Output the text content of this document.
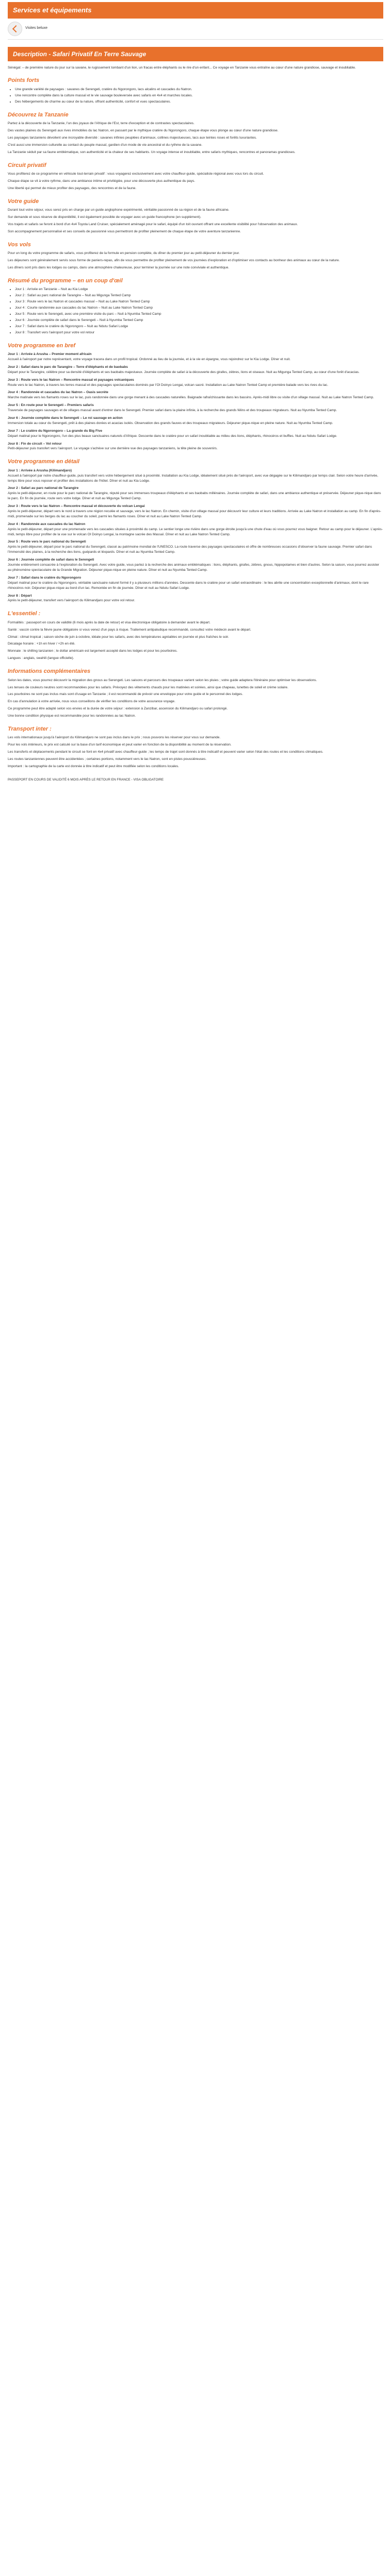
Services et équipements
Visites beluxe
Description - Safari Privatif En Terre Sauvage

Sénégal: – de première nature du jour sur la savane, le rugissement tombant d'un lion, un fracas entre éléphants ou le rire d'un enfant... Ce voyage en Tanzanie vous entraîne au cœur d'une nature grandiose, sauvage et inoubliable.

Points forts
• Une grande variété de paysages : savanes de Serengeti, cratère du Ngorongoro, lacs alcalins et cascades du Natron.
• Une rencontre complète dans la culture massaï et le vie sauvage bouleversée avec safaris en 4x4 et marches locales.
• Des hébergements de charme au cœur de la nature, offrant authenticité, confort et vues spectaculaires.
Découvrez la Tanzanie

Partez à la découverte de la Tanzanie, l'un des joyaux de l'Afrique de l'Est, terre d'exception et de contrastes spectaculaires.

Des vastes plaines du Serengeti aux rives immobiles du lac Natron, en passant par le mythique cratère du Ngorongoro, chaque étape vous plonge au cœur d'une nature grandiose.

Les paysages tanzaniens dévoilent une incroyable diversité : savanes infinies peuplées d'animaux, collines majestueuses, lacs aux teintes roses et forêts luxuriantes.

C'est aussi une immersion culturelle au contact du peuple massaï, gardien d'un mode de vie ancestral et du rythme de la savane.

La Tanzanie séduit par sa faune emblématique, son authenticité et la chaleur de ses habitants. Un voyage intense et inoubliable, entre safaris mythiques, rencontres et panoramas grandioses.

Circuit privatif

Vous profiterez de ce programme en véhicule tout-terrain privatif : vous voyagerez exclusivement avec votre chauffeur-guide, spécialiste régional avec vous lors du circuit.

Chaque étape se vit à votre rythme, dans une ambiance intime et privilégiée, pour une découverte plus authentique du pays.

Une liberté qui permet de mieux profiter des paysages, des rencontres et de la faune.

Votre guide

Durant tout votre séjour, vous serez pris en charge par un guide anglophone expérimenté, véritable passionné de sa région et de la faune africaine.

Sur demande et sous réserve de disponibilité, il est également possible de voyager avec un guide francophone (en supplément).

Vos trajets et safaris se feront à bord d'un 4x4 Toyota Land Cruiser, spécialement aménagé pour le safari, équipé d'un toit ouvrant offrant une excellente visibilité pour l'observation des animaux.

Son accompagnement personnalisé et ses conseils de passionné vous permettront de profiter pleinement de chaque étape de votre aventure tanzanienne.

Vos vols

Pour un long du votre programme de safaris, vous profiterez de la formule en pension complète, du dîner du premier jour au petit-déjeuner du dernier jour.

Les déjeuners sont généralement servis sous forme de paniers-repas, afin de vous permettre de profiter pleinement de vos journées d'exploration et d'optimiser vos contacts au bonheur des animaux au cœur de la nature.

Les dîners sont pris dans les lodges ou camps, dans une atmosphère chaleureuse, pour terminer la journée sur une note conviviale et authentique.

Résumé du programme – en un coup d'œil
• Jour 1 : Arrivée en Tanzanie – Nuit au Kia Lodge
• Jour 2 : Safari au parc national de Tarangire – Nuit au Migunga Tented Camp
• Jour 3 : Route vers le lac Natron et cascades massaï – Nuit au Lake Natron Tented Camp
• Jour 4 : Courte randonnée aux cascades du lac Natron – Nuit au Lake Natron Tented Camp
• Jour 5 : Route vers le Serengeti, avec une première visite du parc – Nuit à Nyumba Tented Camp
• Jour 6 : Journée complète de safari dans le Serengeti – Nuit à Nyumba Tented Camp
• Jour 7 : Safari dans le cratère du Ngorongoro – Nuit au Ndutu Safari Lodge
• Jour 8 : Transfert vers l'aéroport pour votre vol retour
Votre programme en bref
Jour 1 : Arrivée à Arusha – Premier moment africain

Accueil à l'aéroport par notre représentant, votre voyage tracera dans un profil tropical. Ordonné au lieu de la journée, et à la vie en épargne, vous rejoindrez sur le Kia Lodge. Dîner et nuit.

Jour 2 : Safari dans le parc de Tarangire – Terre d'éléphants et de baobabs

Départ pour le Tarangire, célèbre pour sa densité d'éléphants et ses baobabs majestueux. Journée complète de safari à la découverte des girafes, zèbres, lions et oiseaux. Nuit au Migunga Tented Camp, au cœur d'une forêt d'acacias.

Jour 3 : Route vers le lac Natron – Rencontre massaï et paysages volcaniques

Route vers le lac Natron, à travers les terres massaï et des paysages spectaculaires dominés par l'Ol Doinyo Lengai, volcan sacré. Installation au Lake Natron Tented Camp et première balade vers les rives du lac.

Jour 4 : Randonnée et cascades du lac Natron – Oasis secrète

Marche matinale vers les flamants roses sur le lac, puis randonnée dans une gorge menant à des cascades naturelles. Baignade rafraîchissante dans les bassins. Après-midi libre ou visite d'un village massaï. Nuit au Lake Natron Tented Camp.

Jour 5 : En route pour le Serengeti – Premiers safaris

Traversée de paysages sauvages et de villages massaï avant d'entrer dans le Serengeti. Premier safari dans la plaine infinie, à la recherche des grands félins et des troupeaux migrateurs. Nuit au Nyumba Tented Camp.

Jour 6 : Journée complète dans le Serengeti – Le roi sauvage en action

Immersion totale au cœur du Serengeti, prêt à des plaines dorées et acacias isolés. Observation des grands fauves et des troupeaux migrateurs. Déjeuner pique-nique en pleine nature. Nuit au Nyumba Tented Camp.

Jour 7 : Le cratère du Ngorongoro – La grande du Big Five

Départ matinal pour le Ngorongoro, l'un des plus beaux sanctuaires naturels d'Afrique. Descente dans le cratère pour un safari inoubliable au milieu des lions, éléphants, rhinocéros et buffles. Nuit au Ndutu Safari Lodge.

Jour 8 : Fin de circuit – Vol retour

Petit-déjeuner puis transfert vers l'aéroport. Le voyage s'achève sur une dernière vue des paysages tanzaniens, la tête pleine de souvenirs.

Votre programme en détail
Jour 1 : Arrivée à Arusha (Kilimandjaro)

Accueil à l'aéroport par notre chauffeur-guide, puis transfert vers votre hébergement situé à proximité. Installation au Kia Lodge, idéalement situé près de l'aéroport, avec vue dégagée sur le Kilimandjaro par temps clair. Selon votre heure d'arrivée, temps libre pour vous reposer et profiter des installations de l'hôtel. Dîner et nuit au Kia Lodge.

Jour 2 : Safari au parc national de Tarangire

Après le petit-déjeuner, en route pour le parc national de Tarangire, réputé pour ses immenses troupeaux d'éléphants et ses baobabs millénaires. Journée complète de safari, dans une ambiance authentique et préservée. Déjeuner pique-nique dans le parc. En fin de journée, route vers votre lodge. Dîner et nuit au Migunga Tented Camp.

Jour 3 : Route vers le lac Natron – Rencontre massaï et découverte du volcan Lengai

Après le petit-déjeuner, départ vers le nord à travers une région reculée et sauvage, vers le lac Natron. En chemin, visite d'un village massaï pour découvrir leur culture et leurs traditions. Arrivée au Lake Natron et installation au camp. En fin d'après-midi, promenade sur les berges du lac au coucher du soleil, parmi les flamants roses. Dîner et nuit au Lake Natron Tented Camp.

Jour 4 : Randonnée aux cascades du lac Natron

Après le petit-déjeuner, départ pour une promenade vers les cascades situées à proximité du camp. Le sentier longe une rivière dans une gorge étroite jusqu'à une chute d'eau où vous pourrez vous baigner. Retour au camp pour le déjeuner. L'après-midi, temps libre pour profiter de la vue sur le volcan Ol Doinyo Lengai, la montagne sacrée des Massaï. Dîner et nuit au Lake Natron Tented Camp.

Jour 5 : Route vers le parc national du Serengeti

Après le petit-déjeuner, départ pour le parc national du Serengeti, classé au patrimoine mondial de l'UNESCO. La route traverse des paysages spectaculaires et offre de nombreuses occasions d'observer la faune sauvage. Premier safari dans l'immensité des plaines, à la recherche des lions, guépards et léopards. Dîner et nuit au Nyumba Tented Camp.

Jour 6 : Journée complète de safari dans le Serengeti

Journée entièrement consacrée à l'exploration du Serengeti. Avec votre guide, vous partez à la recherche des animaux emblématiques : lions, éléphants, girafes, zèbres, gnous, hippopotames et bien d'autres. Selon la saison, vous pourrez assister au phénomène spectaculaire de la Grande Migration. Déjeuner pique-nique en pleine nature. Dîner et nuit au Nyumba Tented Camp.

Jour 7 : Safari dans le cratère du Ngorongoro

Départ matinal pour le cratère du Ngorongoro, véritable sanctuaire naturel formé il y a plusieurs millions d'années. Descente dans le cratère pour un safari extraordinaire : le lieu abrite une concentration exceptionnelle d'animaux, dont le rare rhinocéros noir. Déjeuner pique-nique au bord d'un lac. Remontée en fin de journée. Dîner et nuit au Ndutu Safari Lodge.

Jour 8 : Départ

Après le petit-déjeuner, transfert vers l'aéroport du Kilimandjaro pour votre vol retour.

L'essentiel :

Formalités : passeport en cours de validité (6 mois après la date de retour) et visa électronique obligatoire à demander avant le départ.

Santé : vaccin contre la fièvre jaune obligatoire si vous venez d'un pays à risque. Traitement antipaludique recommandé, consultez votre médecin avant le départ.

Climat : climat tropical ; saison sèche de juin à octobre, idéale pour les safaris, avec des températures agréables en journée et plus fraîches le soir.

Décalage horaire : +1h en hiver / +2h en été.

Monnaie : le shilling tanzanien ; le dollar américain est largement accepté dans les lodges et pour les pourboires.

Langues : anglais, swahili (langue officielle).

Informations complémentaires

Selon les dates, vous pourrez découvrir la migration des gnous au Serengeti. Les saisons et parcours des troupeaux varient selon les pluies ; votre guide adaptera l'itinéraire pour optimiser les observations.

Les tenues de couleurs neutres sont recommandées pour les safaris. Prévoyez des vêtements chauds pour les matinées et soirées, ainsi que chapeau, lunettes de soleil et crème solaire.

Les pourboires ne sont pas inclus mais sont d'usage en Tanzanie ; il est recommandé de prévoir une enveloppe pour votre guide et le personnel des lodges.

En cas d'annulation à votre arrivée, nous vous conseillons de vérifier les conditions de votre assurance voyage.

Ce programme peut être adapté selon vos envies et la durée de votre séjour : extension à Zanzibar, ascension du Kilimandjaro ou safari prolongé.

Une bonne condition physique est recommandée pour les randonnées au lac Natron.

Transport inter :

Les vols internationaux jusqu'à l'aéroport du Kilimandjaro ne sont pas inclus dans le prix ; nous pouvons les réserver pour vous sur demande.

Pour les vols intérieurs, le prix est calculé sur la base d'un tarif économique et peut varier en fonction de la disponibilité au moment de la réservation.

Les transferts et déplacements pendant le circuit se font en 4x4 privatif avec chauffeur-guide ; les temps de trajet sont donnés à titre indicatif et peuvent varier selon l'état des routes et les conditions climatiques.

Les routes tanzaniennes peuvent être accidentées ; certaines portions, notamment vers le lac Natron, sont en pistes poussiéreuses.

Important : la cartographie de la carte est donnée à titre indicatif et peut être modifiée selon les conditions locales.

PASSEPORT EN COURS DE VALIDITÉ 6 MOIS APRÈS LE RETOUR EN FRANCE - VISA OBLIGATOIRE
